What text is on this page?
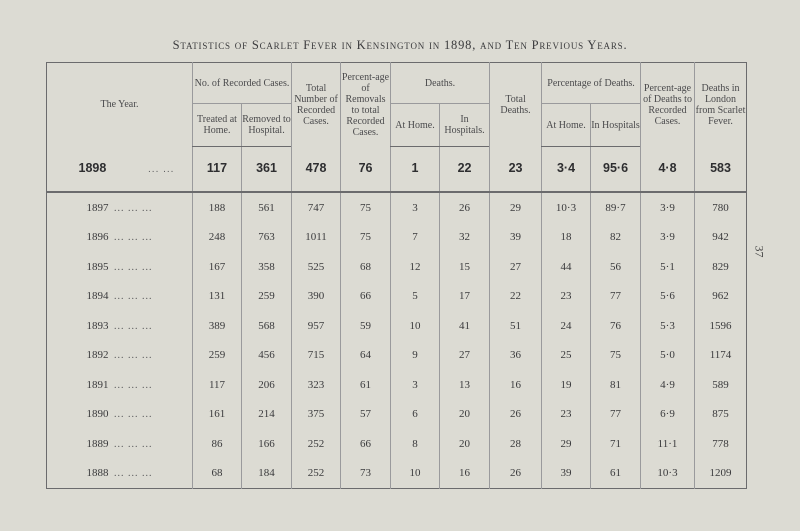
Statistics of Scarlet Fever in Kensington in 1898, and Ten Previous Years.
37
The Year.	No. of Recorded Cases.		Total Number of Recorded Cases.	Percent-age of Removals to total Recorded Cases.	Deaths.		Total Deaths.	Percentage of Deaths.		Percent-age of Deaths to Recorded Cases.	Deaths in London from Scarlet Fever.
	Treated at Home.	Removed to Hospital.			At Home.	In Hospitals.		At Home.	In Hospitals		
1898 ... ...	117	361	478	76	1	22	23	3·4	95·6	4·8	583
1897 ... ... ...	188	561	747	75	3	26	29	10·3	89·7	3·9	780
1896 ... ... ...	248	763	1011	75	7	32	39	18	82	3·9	942
1895 ... ... ...	167	358	525	68	12	15	27	44	56	5·1	829
1894 ... ... ...	131	259	390	66	5	17	22	23	77	5·6	962
1893 ... ... ...	389	568	957	59	10	41	51	24	76	5·3	1596
1892 ... ... ...	259	456	715	64	9	27	36	25	75	5·0	1174
1891 ... ... ...	117	206	323	61	3	13	16	19	81	4·9	589
1890 ... ... ...	161	214	375	57	6	20	26	23	77	6·9	875
1889 ... ... ...	86	166	252	66	8	20	28	29	71	11·1	778
1888 ... ... ...	68	184	252	73	10	16	26	39	61	10·3	1209
